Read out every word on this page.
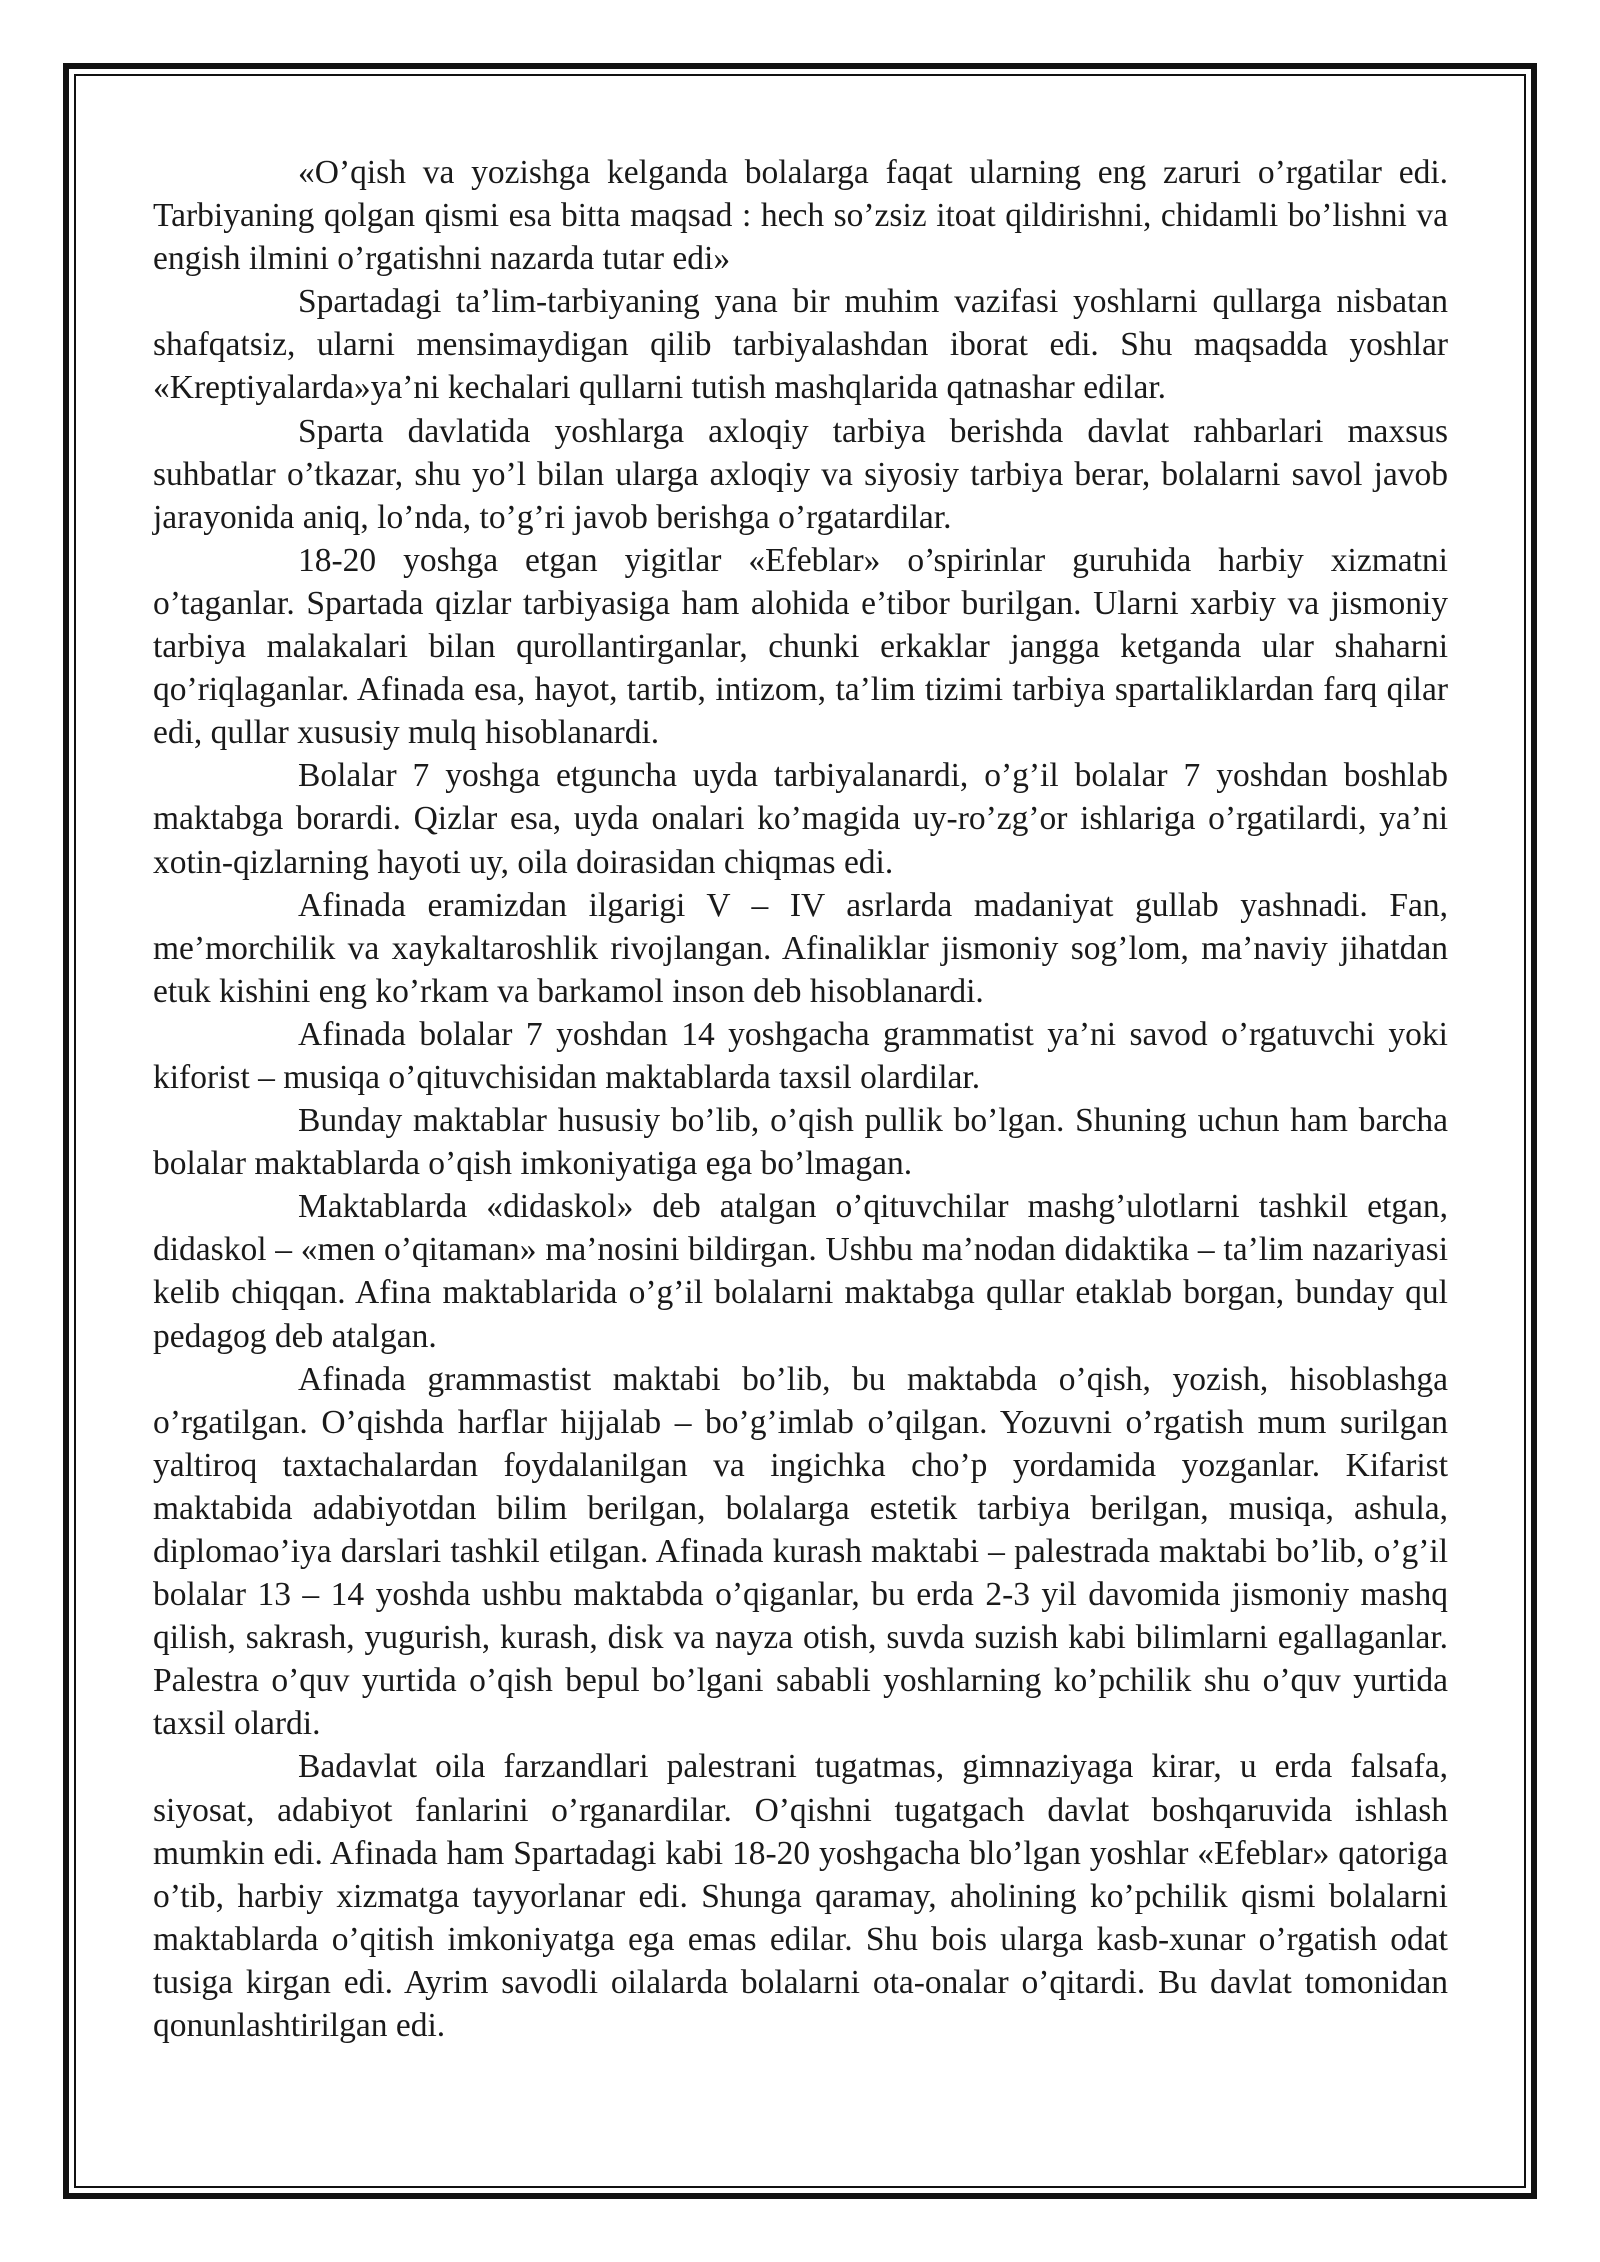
«O’qish va yozishga kelganda bolalarga faqat ularning eng zaruri o’rgatilar edi. Tarbiyaning qolgan qismi esa bitta maqsad : hech so’zsiz itoat qildirishni, chidamli bo’lishni va engish ilmini o’rgatishni nazarda tutar edi»

Spartadagi ta’lim-tarbiyaning yana bir muhim vazifasi yoshlarni qullarga nisbatan shafqatsiz, ularni mensimaydigan qilib tarbiyalashdan iborat edi. Shu maqsadda yoshlar «Kreptiyalarda»ya’ni kechalari qullarni tutish mashqlarida qatnashar edilar.

Sparta davlatida yoshlarga axloqiy tarbiya berishda davlat rahbarlari maxsus suhbatlar o’tkazar, shu yo’l bilan ularga axloqiy va siyosiy tarbiya berar, bolalarni savol javob jarayonida aniq, lo’nda, to’g’ri javob berishga o’rgatardilar.

18-20 yoshga etgan yigitlar «Efeblar» o’spirinlar guruhida harbiy xizmatni o’taganlar. Spartada qizlar tarbiyasiga ham alohida e’tibor burilgan. Ularni xarbiy va jismoniy tarbiya malakalari bilan qurollantirganlar, chunki erkaklar jangga ketganda ular shaharni qo’riqlaganlar. Afinada esa, hayot, tartib, intizom, ta’lim tizimi tarbiya spartaliklardan farq qilar edi, qullar xususiy mulq hisoblanardi.

Bolalar 7 yoshga etguncha uyda tarbiyalanardi, o’g’il bolalar 7 yoshdan boshlab maktabga borardi. Qizlar esa, uyda onalari ko’magida uy-ro’zg’or ishlariga o’rgatilardi, ya’ni xotin-qizlarning hayoti uy, oila doirasidan chiqmas edi.

Afinada eramizdan ilgarigi V – IV asrlarda madaniyat gullab yashnadi. Fan, me’morchilik va xaykaltaroshlik rivojlangan. Afinaliklar jismoniy sog’lom, ma’naviy jihatdan etuk kishini eng ko’rkam va barkamol inson deb hisoblanardi.

Afinada bolalar 7 yoshdan 14 yoshgacha grammatist ya’ni savod o’rgatuvchi yoki kiforist – musiqa o’qituvchisidan maktablarda taxsil olardilar.

Bunday maktablar hususiy bo’lib, o’qish pullik bo’lgan. Shuning uchun ham barcha bolalar maktablarda o’qish imkoniyatiga ega bo’lmagan.

Maktablarda «didaskol» deb atalgan o’qituvchilar mashg’ulotlarni tashkil etgan, didaskol – «men o’qitaman» ma’nosini bildirgan. Ushbu ma’nodan didaktika – ta’lim nazariyasi kelib chiqqan. Afina maktablarida o’g’il bolalarni maktabga qullar etaklab borgan, bunday qul pedagog deb atalgan.

Afinada grammastist maktabi bo’lib, bu maktabda o’qish, yozish, hisoblashga o’rgatilgan. O’qishda harflar hijjalab – bo’g’imlab o’qilgan. Yozuvni o’rgatish mum surilgan yaltiroq taxtachalardan foydalanilgan va ingichka cho’p yordamida yozganlar. Kifarist maktabida adabiyotdan bilim berilgan, bolalarga estetik tarbiya berilgan, musiqa, ashula, diplomao’iya darslari tashkil etilgan. Afinada kurash maktabi – palestrada maktabi bo’lib, o’g’il bolalar 13 – 14 yoshda ushbu maktabda o’qiganlar, bu erda 2-3 yil davomida jismoniy mashq qilish, sakrash, yugurish, kurash, disk va nayza otish, suvda suzish kabi bilimlarni egallaganlar. Palestra o’quv yurtida o’qish bepul bo’lgani sababli yoshlarning ko’pchilik shu o’quv yurtida taxsil olardi.

Badavlat oila farzandlari palestrani tugatmas, gimnaziyaga kirar, u erda falsafa, siyosat, adabiyot fanlarini o’rganardilar. O’qishni tugatgach davlat boshqaruvida ishlash mumkin edi. Afinada ham Spartadagi kabi 18-20 yoshgacha blo’lgan yoshlar «Efeblar» qatoriga o’tib, harbiy xizmatga tayyorlanar edi. Shunga qaramay, aholining ko’pchilik qismi bolalarni maktablarda o’qitish imkoniyatga ega emas edilar. Shu bois ularga kasb-xunar o’rgatish odat tusiga kirgan edi. Ayrim savodli oilalarda bolalarni ota-onalar o’qitardi. Bu davlat tomonidan qonunlashtirilgan edi.
